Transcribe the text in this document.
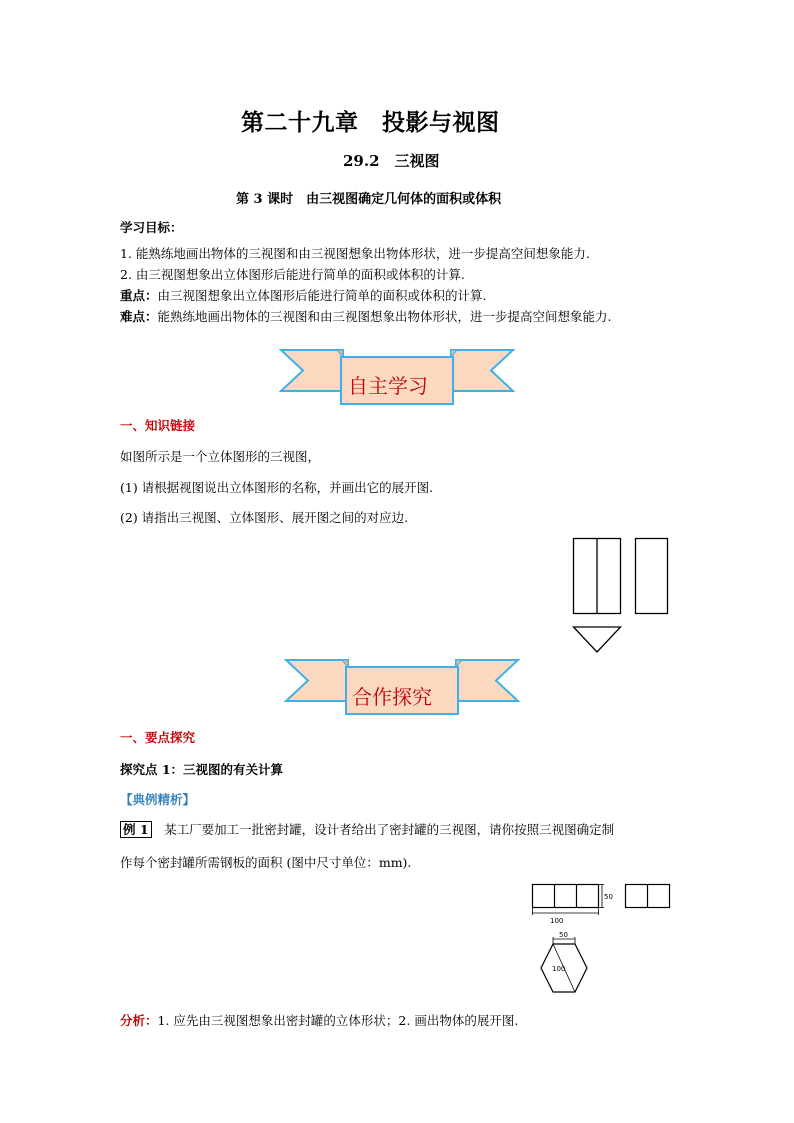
第二十九章　投影与视图
29.2　三视图
第 3 课时　由三视图确定几何体的面积或体积
学习目标：
1. 能熟练地画出物体的三视图和由三视图想象出物体形状，进一步提高空间想象能力.
2. 由三视图想象出立体图形后能进行简单的面积或体积的计算.
重点：由三视图想象出立体图形后能进行简单的面积或体积的计算.
难点：能熟练地画出物体的三视图和由三视图想象出物体形状，进一步提高空间想象能力.
自主学习
一、知识链接
如图所示是一个立体图形的三视图，
(1) 请根据视图说出立体图形的名称，并画出它的展开图.
(2) 请指出三视图、立体图形、展开图之间的对应边.
合作探究
一、要点探究
探究点 1：三视图的有关计算
【典例精析】
例 1　某工厂要加工一批密封罐，设计者给出了密封罐的三视图，请你按照三视图确定制
作每个密封罐所需钢板的面积 (图中尺寸单位：mm).
50
100
50
100
分析：1. 应先由三视图想象出密封罐的立体形状；2. 画出物体的展开图.
